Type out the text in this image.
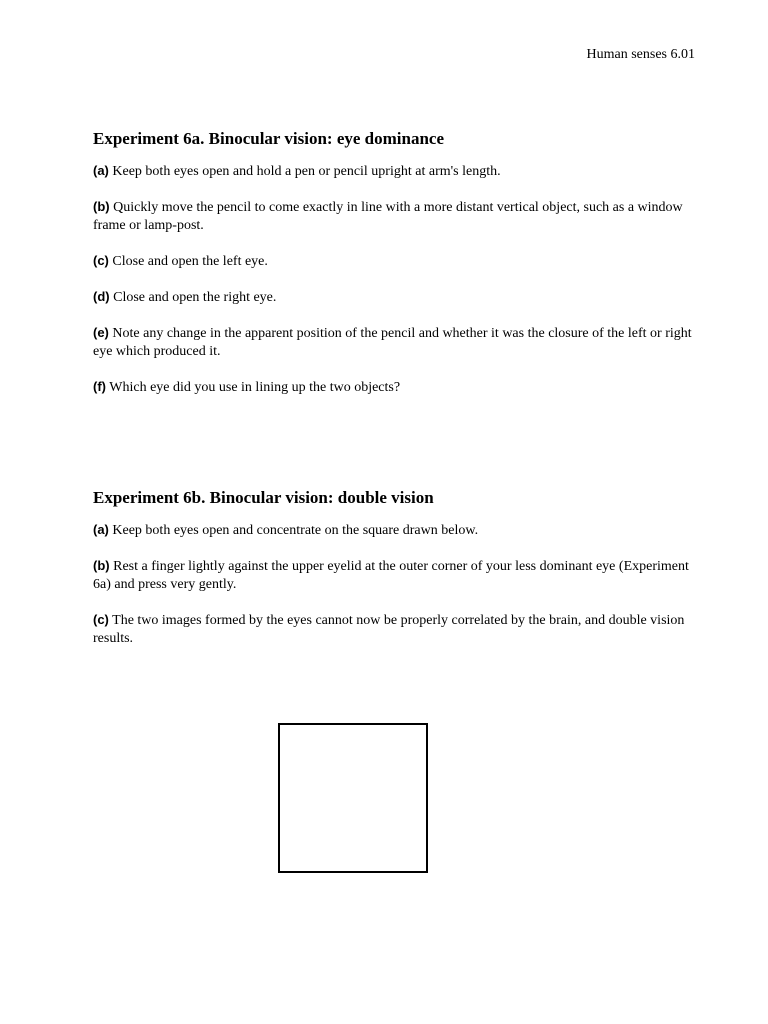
Human senses 6.01
Experiment 6a. Binocular vision: eye dominance
(a) Keep both eyes open and hold a pen or pencil upright at arm's length.
(b) Quickly move the pencil to come exactly in line with a more distant vertical object, such as a window frame or lamp-post.
(c) Close and open the left eye.
(d) Close and open the right eye.
(e) Note any change in the apparent position of the pencil and whether it was the closure of the left or right eye which produced it.
(f) Which eye did you use in lining up the two objects?
Experiment 6b. Binocular vision: double vision
(a) Keep both eyes open and concentrate on the square drawn below.
(b) Rest a finger lightly against the upper eyelid at the outer corner of your less dominant eye (Experiment 6a) and press very gently.
(c) The two images formed by the eyes cannot now be properly correlated by the brain, and double vision results.
